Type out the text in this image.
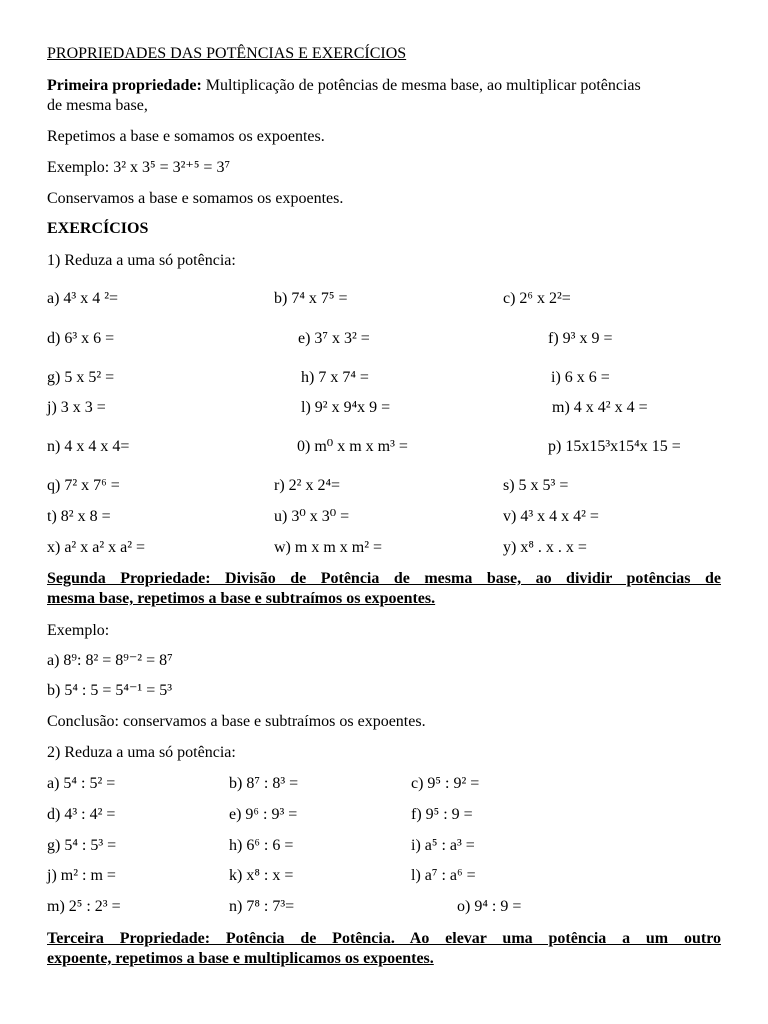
PROPRIEDADES DAS POTÊNCIAS E EXERCÍCIOS
Primeira propriedade: Multiplicação de potências de mesma base, ao multiplicar potências
de mesma base,
Repetimos a base e somamos os expoentes.
Exemplo: 3² x 3⁵ = 3²⁺⁵ = 3⁷
Conservamos a base e somamos os expoentes.
EXERCÍCIOS
1) Reduza a uma só potência:
a) 4³ x 4 ²=	b) 7⁴ x 7⁵ =	c) 2⁶ x 2²=
d) 6³ x 6 =	e) 3⁷ x 3² =	f) 9³ x 9 =
g) 5 x 5² =	h) 7 x 7⁴ =	i) 6 x 6 =
j) 3 x 3 =	l) 9² x 9⁴x 9 =	m) 4 x 4² x 4 =
n) 4 x 4 x 4=	0) m⁰ x m x m³ =	p) 15x15³x15⁴x 15 =
q) 7² x 7⁶ =	r) 2² x 2⁴=	s) 5 x 5³ =
t) 8² x 8 =	u) 3⁰ x 3⁰ =	v) 4³ x 4 x 4² =
x) a² x a² x a² =	w) m x m x m² =	y) x⁸ . x . x =
Segunda Propriedade: Divisão de Potência de mesma base, ao dividir potências de
mesma base, repetimos a base e subtraímos os expoentes.
Exemplo:
a) 8⁹: 8² = 8⁹⁻² = 8⁷
b) 5⁴ : 5 = 5⁴⁻¹ = 5³
Conclusão: conservamos a base e subtraímos os expoentes.
2) Reduza a uma só potência:
a) 5⁴ : 5² =	b) 8⁷ : 8³ =	c) 9⁵ : 9² =
d) 4³ : 4² =	e) 9⁶ : 9³ =	f) 9⁵ : 9 =
g) 5⁴ : 5³ =	h) 6⁶ : 6 =	i) a⁵ : a³ =
j) m² : m =	k) x⁸ : x =	l) a⁷ : a⁶ =
m) 2⁵ : 2³ =	n) 7⁸ : 7³=	o) 9⁴ : 9 =
Terceira Propriedade: Potência de Potência. Ao elevar uma potência a um outro
expoente, repetimos a base e multiplicamos os expoentes.
